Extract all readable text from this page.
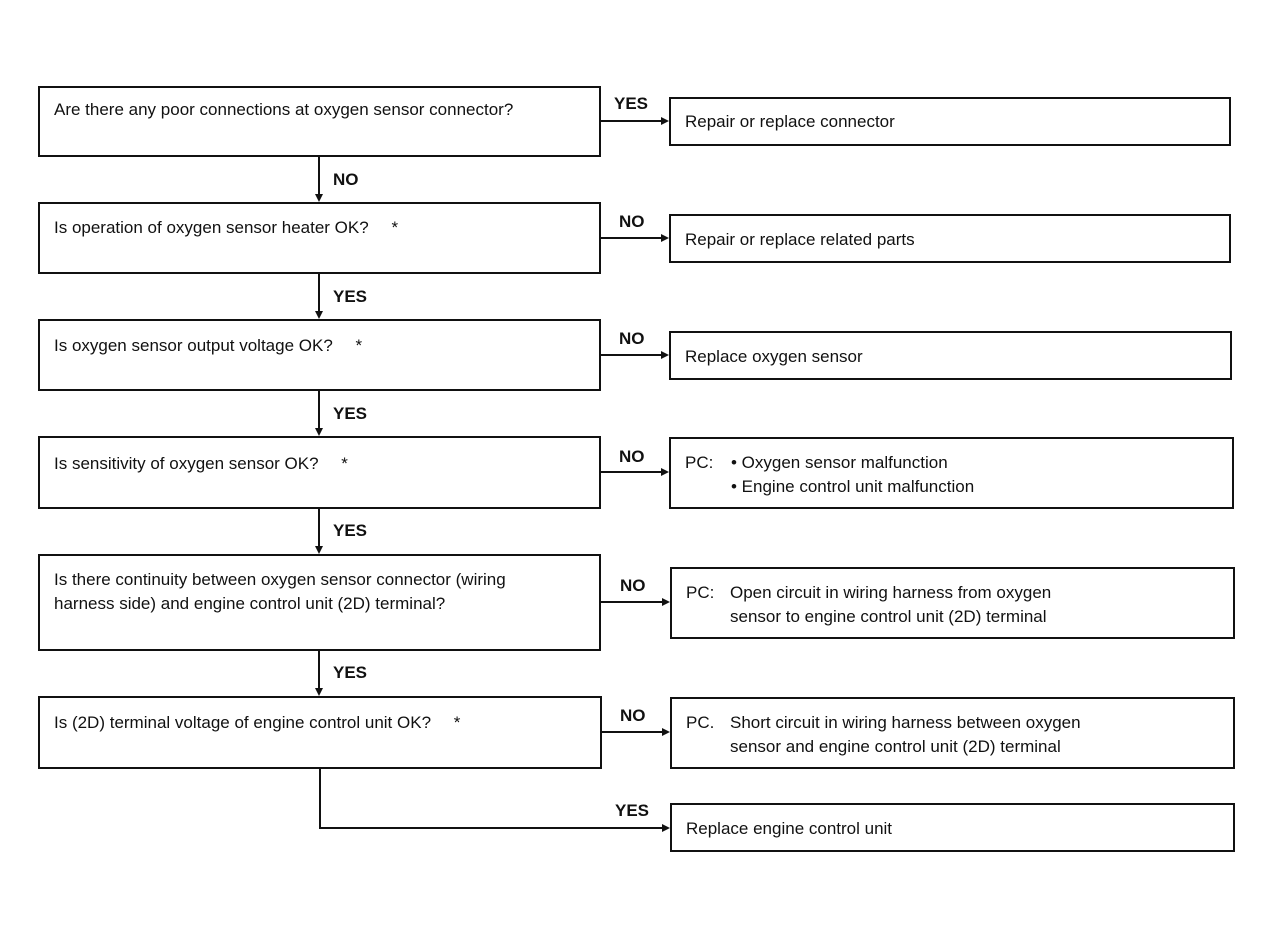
Are there any poor connections at oxygen sensor connector?
Is operation of oxygen sensor heater OK? *
Is oxygen sensor output voltage OK? *
Is sensitivity of oxygen sensor OK? *
Is there continuity between oxygen sensor connector (wiring harness side) and engine control unit (2D) terminal?
Is (2D) terminal voltage of engine control unit OK? *
Repair or replace connector
Repair or replace related parts
Replace oxygen sensor
PC:	• Oxygen sensor malfunction
• Engine control unit malfunction
PC: Open circuit in wiring harness from oxygen
sensor to engine control unit (2D) terminal
PC. Short circuit in wiring harness between oxygen
sensor and engine control unit (2D) terminal
Replace engine control unit
YES
NO
NO
NO
NO
NO
YES
NO
YES
YES
YES
YES
